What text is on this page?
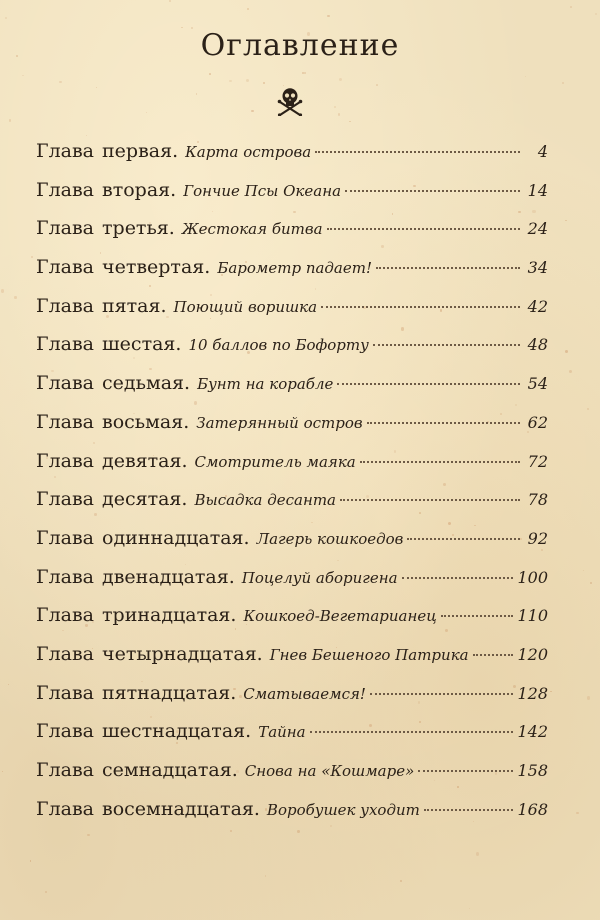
Оглавление
Глава первая. Карта острова	4
Глава вторая. Гончие Псы Океана	14
Глава третья. Жестокая битва	24
Глава четвертая. Барометр падает!	34
Глава пятая. Поющий воришка	42
Глава шестая. 10 баллов по Бофорту	48
Глава седьмая. Бунт на корабле	54
Глава восьмая. Затерянный остров	62
Глава девятая. Смотритель маяка	72
Глава десятая. Высадка десанта	78
Глава одиннадцатая. Лагерь кошкоедов	92
Глава двенадцатая. Поцелуй аборигена	100
Глава тринадцатая. Кошкоед-Вегетарианец	110
Глава четырнадцатая. Гнев Бешеного Патрика	120
Глава пятнадцатая. Сматываемся!	128
Глава шестнадцатая. Тайна	142
Глава семнадцатая. Снова на «Кошмаре»	158
Глава восемнадцатая. Воробушек уходит	168
